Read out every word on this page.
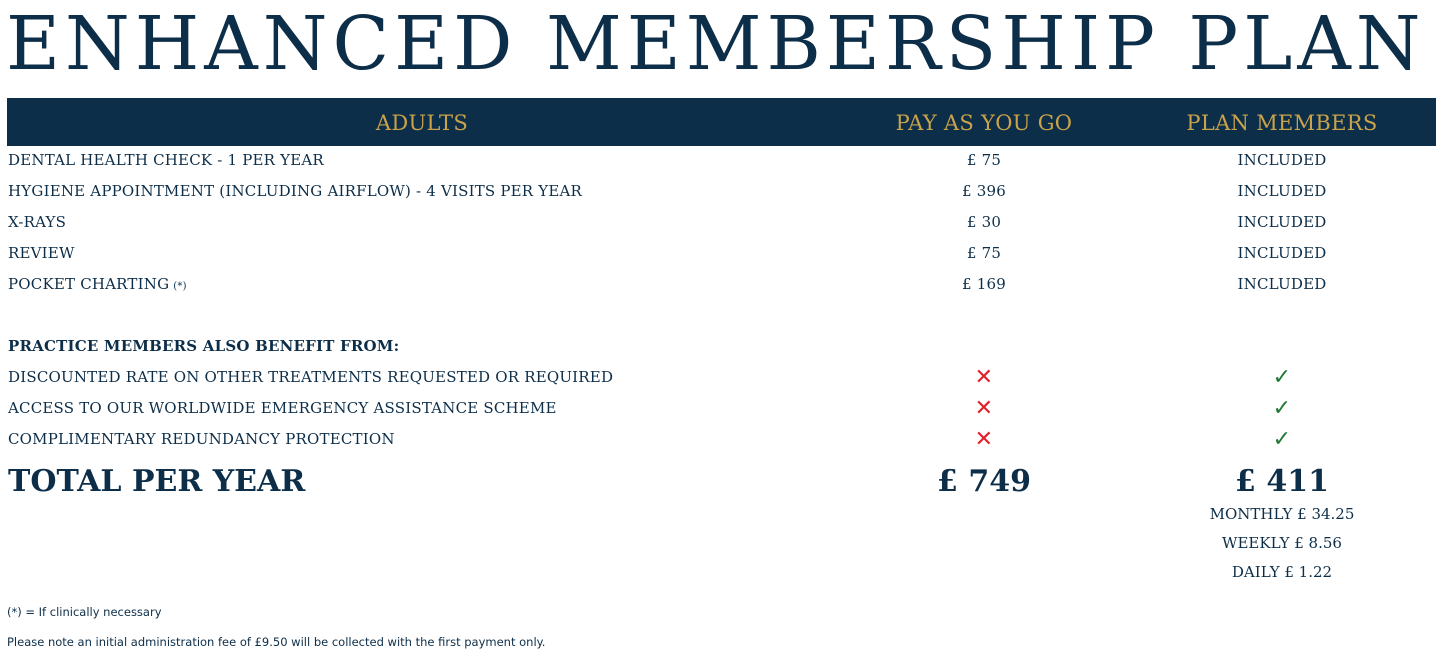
ENHANCED MEMBERSHIP PLAN
ADULTS	PAY AS YOU GO	PLAN MEMBERS
DENTAL HEALTH CHECK - 1 PER YEAR	£ 75	INCLUDED
HYGIENE APPOINTMENT (INCLUDING AIRFLOW) - 4 VISITS PER YEAR	£ 396	INCLUDED
X-RAYS	£ 30	INCLUDED
REVIEW	£ 75	INCLUDED
POCKET CHARTING (*)	£ 169	INCLUDED
PRACTICE MEMBERS ALSO BENEFIT FROM:
DISCOUNTED RATE ON OTHER TREATMENTS REQUESTED OR REQUIRED	✕	✓
ACCESS TO OUR WORLDWIDE EMERGENCY ASSISTANCE SCHEME	✕	✓
COMPLIMENTARY REDUNDANCY PROTECTION	✕	✓
TOTAL PER YEAR	£ 749	£ 411
MONTHLY £ 34.25
WEEKLY £ 8.56
DAILY £ 1.22
(*) = If clinically necessary
Please note an initial administration fee of £9.50 will be collected with the first payment only.
